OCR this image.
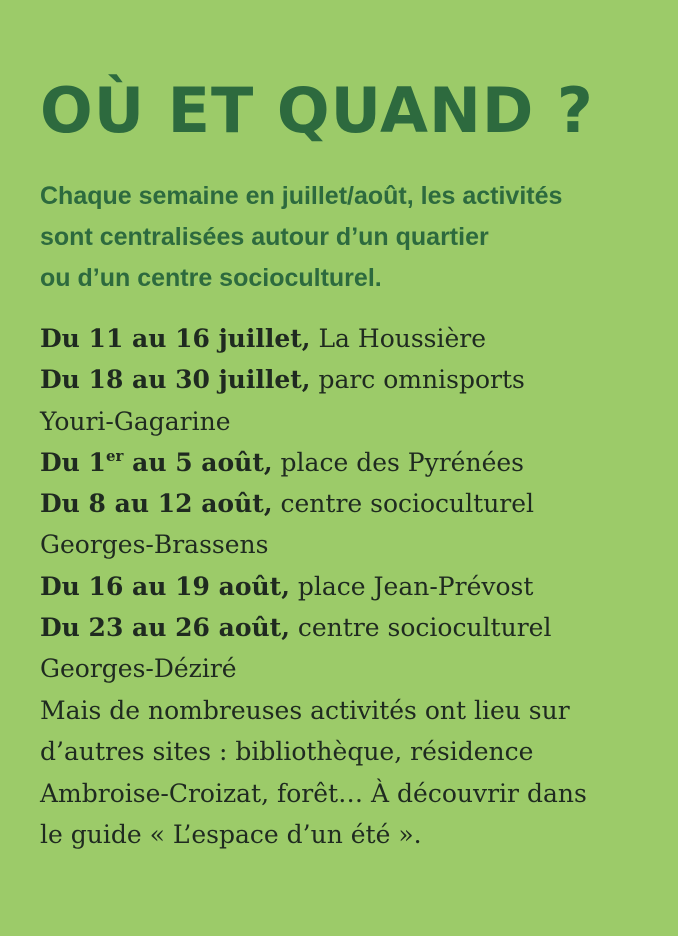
OÙ ET QUAND ?

Chaque semaine en juillet/août, les activités
sont centralisées autour d’un quartier
ou d’un centre socioculturel.

Du 11 au 16 juillet, La Houssière
Du 18 au 30 juillet, parc omnisports
Youri-Gagarine
Du 1er au 5 août, place des Pyrénées
Du 8 au 12 août, centre socioculturel
Georges-Brassens
Du 16 au 19 août, place Jean-Prévost
Du 23 au 26 août, centre socioculturel
Georges-Déziré

Mais de nombreuses activités ont lieu sur
d’autres sites : bibliothèque, résidence
Ambroise-Croizat, forêt… À découvrir dans
le guide « L’espace d’un été ».
